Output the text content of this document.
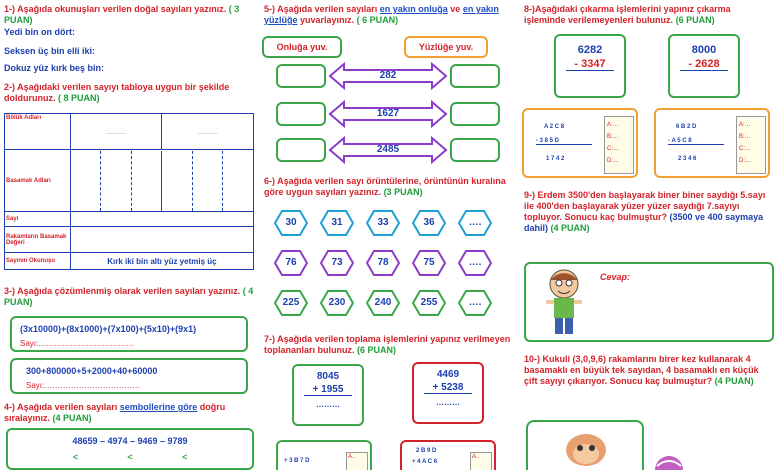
1-) Aşağıda okunuşları verilen doğal sayıları yazınız. ( 3 PUAN)
Yedi bin on dört:
Seksen üç bin elli iki:
Dokuz yüz kırk beş bin:
2-) Aşağıdaki verilen sayıyı tabloya uygun bir şekilde doldurunuz. ( 8 PUAN)
Bölük Adları	______	______
Basamak Adları		

Sayı		
Rakamların Basamak Değeri		
Sayının Okunuşu	Kırk iki bin altı yüz yetmiş üç	
3-) Aşağıda çözümlenmiş olarak verilen sayıları yazınız. ( 4 PUAN)
(3x10000)+(8x1000)+(7x100)+(5x10)+(9x1)
Sayı:………………………………
300+800000+5+2000+40+60000
Sayı:………………………………
4-) Aşağıda verilen sayıları sembollerine göre doğru sıralayınız. (4 PUAN)
48659 – 4974 – 9469 – 9789
<	<	<
5-) Aşağıda verilen sayıları en yakın onluğa ve en yakın yüzlüğe yuvarlayınız. ( 6 PUAN)
Onluğa yuv.	Yüzlüğe yuv.
282
1627
2485
6-) Aşağıda verilen sayı örüntülerine, örüntünün kuralına göre uygun sayıları yazınız. (3 PUAN)
30	31	33	36	….
76	73	78	75	….
225	230	240	255	….
7-) Aşağıda verilen toplama işlemlerini yapınız verilmeyen toplananları bulunuz. (6 PUAN)
8045
+ 1955
………
4469
+ 5238
………
+ 3 B 7 D
A..
2 B 9 D
+ 4 A C 6
A..
8-)Aşağıdaki çıkarma işlemlerini yapınız çıkarma işleminde verilemeyenleri bulunuz. (6 PUAN)
6282
- 3347
8000
- 2628
A 2 C 8
- 3 8 5 D
1 7 4 2
A:…
B:…
C:…
D:…
6 B 2 D
- A 5 C 8
2 3 4 6
A:…
B:…
C:…
D:…
9-) Erdem 3500'den başlayarak biner biner saydığı 5.sayı ile 400'den başlayarak yüzer yüzer saydığı 7.sayıyı topluyor. Sonucu kaç bulmuştur? (3500 ve 400 saymaya dahil) (4 PUAN)
Cevap:
10-) Kukuli (3,0,9,6) rakamlarını birer kez kullanarak 4 basamaklı en büyük tek sayıdan, 4 basamaklı en küçük çift sayıyı çıkarıyor. Sonucu kaç bulmuştur? (4 PUAN)
